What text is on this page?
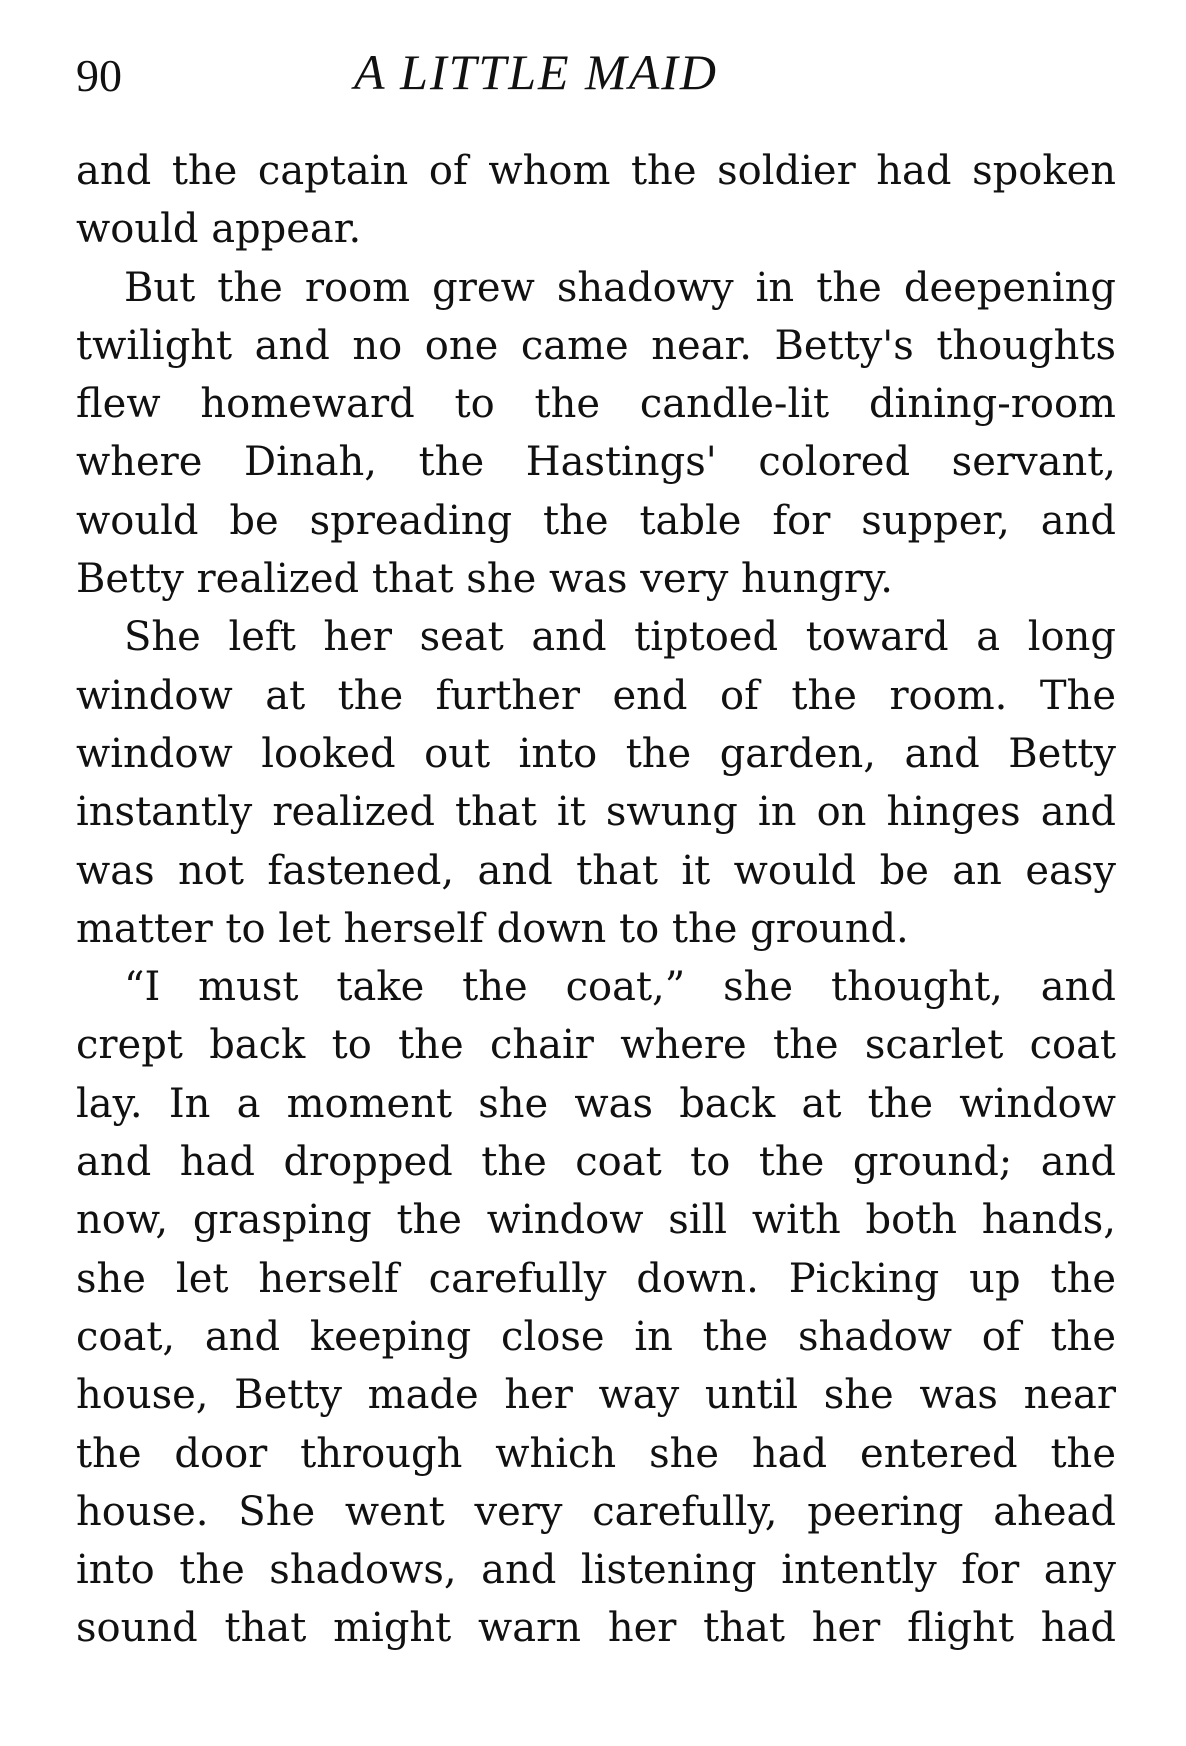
90	A LITTLE MAID
and the captain of whom the soldier had spoken
would appear.
But the room grew shadowy in the deepening
twilight and no one came near. Betty's thoughts
flew homeward to the candle-lit dining-room
where Dinah, the Hastings' colored servant,
would be spreading the table for supper, and
Betty realized that she was very hungry.
She left her seat and tiptoed toward a long
window at the further end of the room. The
window looked out into the garden, and Betty
instantly realized that it swung in on hinges and
was not fastened, and that it would be an easy
matter to let herself down to the ground.
“I must take the coat,” she thought, and
crept back to the chair where the scarlet coat
lay. In a moment she was back at the window
and had dropped the coat to the ground; and
now, grasping the window sill with both hands,
she let herself carefully down. Picking up the
coat, and keeping close in the shadow of the
house, Betty made her way until she was near
the door through which she had entered the
house. She went very carefully, peering ahead
into the shadows, and listening intently for any
sound that might warn her that her flight had
